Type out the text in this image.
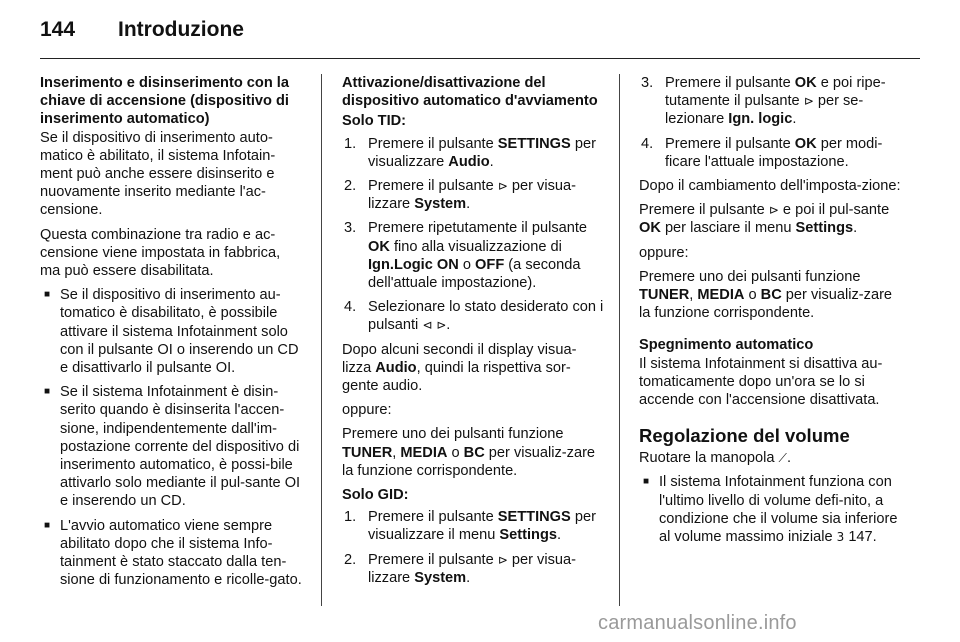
144	Introduzione

Inserimento e disinserimento con la chiave di accensione (dispositivo di inserimento automatico)

Se il dispositivo di inserimento auto-matico è abilitato, il sistema Infotain-ment può anche essere disinserito e nuovamente inserito mediante l'ac-censione.

Questa combinazione tra radio e ac-censione viene impostata in fabbrica, ma può essere disabilitata.

■ Se il dispositivo di inserimento au-tomatico è disabilitato, è possibile attivare il sistema Infotainment solo con il pulsante OI o inserendo un CD e disattivarlo il pulsante OI.
■ Se il sistema Infotainment è disin-serito quando è disinserita l'accen-sione, indipendentemente dall'im-postazione corrente del dispositivo di inserimento automatico, è possi-bile attivarlo solo mediante il pul-sante OI e inserendo un CD.
■ L'avvio automatico viene sempre abilitato dopo che il sistema Info-tainment è stato staccato dalla ten-sione di funzionamento e ricolle-gato.

Attivazione/disattivazione del dispositivo automatico d'avviamento

Solo TID:

1. Premere il pulsante SETTINGS per visualizzare Audio.
2. Premere il pulsante ⊳ per visua-lizzare System.
3. Premere ripetutamente il pulsante OK fino alla visualizzazione di Ign.Logic ON o OFF (a seconda dell'attuale impostazione).
4. Selezionare lo stato desiderato con i pulsanti ⊲ ⊳.

Dopo alcuni secondi il display visua-lizza Audio, quindi la rispettiva sor-gente audio.

oppure:

Premere uno dei pulsanti funzione TUNER, MEDIA o BC per visualiz-zare la funzione corrispondente.

Solo GID:

1. Premere il pulsante SETTINGS per visualizzare il menu Settings.
2. Premere il pulsante ⊳ per visua-lizzare System.
3. Premere il pulsante OK e poi ripe-tutamente il pulsante ⊳ per se-lezionare Ign. logic.
4. Premere il pulsante OK per modi-ficare l'attuale impostazione.

Dopo il cambiamento dell'imposta-zione:

Premere il pulsante ⊳ e poi il pul-sante OK per lasciare il menu Settings.

oppure:

Premere uno dei pulsanti funzione TUNER, MEDIA o BC per visualiz-zare la funzione corrispondente.

Spegnimento automatico

Il sistema Infotainment si disattiva au-tomaticamente dopo un'ora se lo si accende con l'accensione disattivata.

Regolazione del volume

Ruotare la manopola ⟋.

■ Il sistema Infotainment funziona con l'ultimo livello di volume defi-nito, a condizione che il volume sia inferiore al volume massimo iniziale 3 147.
carmanualsonline.info
